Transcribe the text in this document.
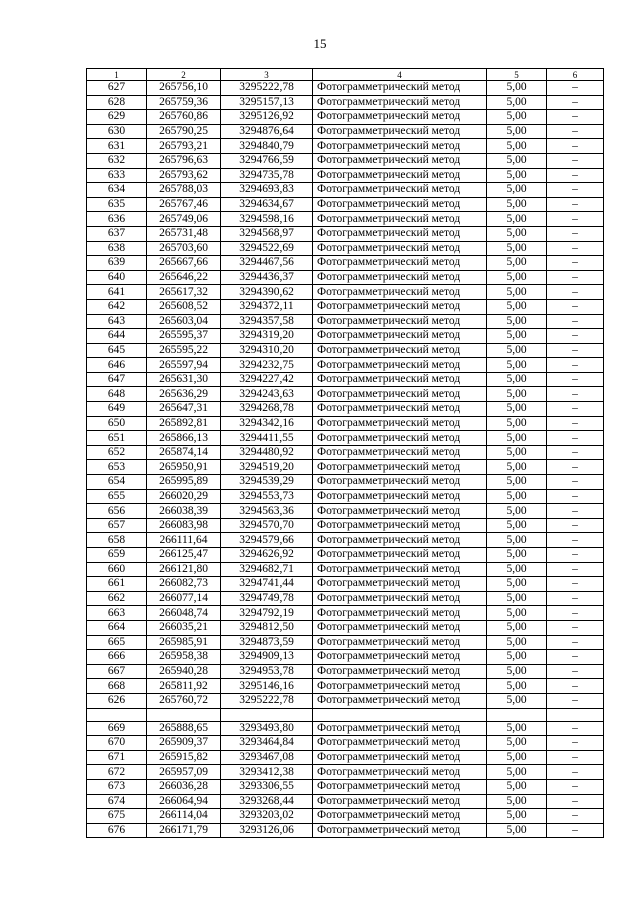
15
1	2	3	4	5	6
627	265756,10	3295222,78	Фотограмметрический метод	5,00	–
628	265759,36	3295157,13	Фотограмметрический метод	5,00	–
629	265760,86	3295126,92	Фотограмметрический метод	5,00	–
630	265790,25	3294876,64	Фотограмметрический метод	5,00	–
631	265793,21	3294840,79	Фотограмметрический метод	5,00	–
632	265796,63	3294766,59	Фотограмметрический метод	5,00	–
633	265793,62	3294735,78	Фотограмметрический метод	5,00	–
634	265788,03	3294693,83	Фотограмметрический метод	5,00	–
635	265767,46	3294634,67	Фотограмметрический метод	5,00	–
636	265749,06	3294598,16	Фотограмметрический метод	5,00	–
637	265731,48	3294568,97	Фотограмметрический метод	5,00	–
638	265703,60	3294522,69	Фотограмметрический метод	5,00	–
639	265667,66	3294467,56	Фотограмметрический метод	5,00	–
640	265646,22	3294436,37	Фотограмметрический метод	5,00	–
641	265617,32	3294390,62	Фотограмметрический метод	5,00	–
642	265608,52	3294372,11	Фотограмметрический метод	5,00	–
643	265603,04	3294357,58	Фотограмметрический метод	5,00	–
644	265595,37	3294319,20	Фотограмметрический метод	5,00	–
645	265595,22	3294310,20	Фотограмметрический метод	5,00	–
646	265597,94	3294232,75	Фотограмметрический метод	5,00	–
647	265631,30	3294227,42	Фотограмметрический метод	5,00	–
648	265636,29	3294243,63	Фотограмметрический метод	5,00	–
649	265647,31	3294268,78	Фотограмметрический метод	5,00	–
650	265892,81	3294342,16	Фотограмметрический метод	5,00	–
651	265866,13	3294411,55	Фотограмметрический метод	5,00	–
652	265874,14	3294480,92	Фотограмметрический метод	5,00	–
653	265950,91	3294519,20	Фотограмметрический метод	5,00	–
654	265995,89	3294539,29	Фотограмметрический метод	5,00	–
655	266020,29	3294553,73	Фотограмметрический метод	5,00	–
656	266038,39	3294563,36	Фотограмметрический метод	5,00	–
657	266083,98	3294570,70	Фотограмметрический метод	5,00	–
658	266111,64	3294579,66	Фотограмметрический метод	5,00	–
659	266125,47	3294626,92	Фотограмметрический метод	5,00	–
660	266121,80	3294682,71	Фотограмметрический метод	5,00	–
661	266082,73	3294741,44	Фотограмметрический метод	5,00	–
662	266077,14	3294749,78	Фотограмметрический метод	5,00	–
663	266048,74	3294792,19	Фотограмметрический метод	5,00	–
664	266035,21	3294812,50	Фотограмметрический метод	5,00	–
665	265985,91	3294873,59	Фотограмметрический метод	5,00	–
666	265958,38	3294909,13	Фотограмметрический метод	5,00	–
667	265940,28	3294953,78	Фотограмметрический метод	5,00	–
668	265811,92	3295146,16	Фотограмметрический метод	5,00	–
626	265760,72	3295222,78	Фотограмметрический метод	5,00	–

669	265888,65	3293493,80	Фотограмметрический метод	5,00	–
670	265909,37	3293464,84	Фотограмметрический метод	5,00	–
671	265915,82	3293467,08	Фотограмметрический метод	5,00	–
672	265957,09	3293412,38	Фотограмметрический метод	5,00	–
673	266036,28	3293306,55	Фотограмметрический метод	5,00	–
674	266064,94	3293268,44	Фотограмметрический метод	5,00	–
675	266114,04	3293203,02	Фотограмметрический метод	5,00	–
676	266171,79	3293126,06	Фотограмметрический метод	5,00	–
